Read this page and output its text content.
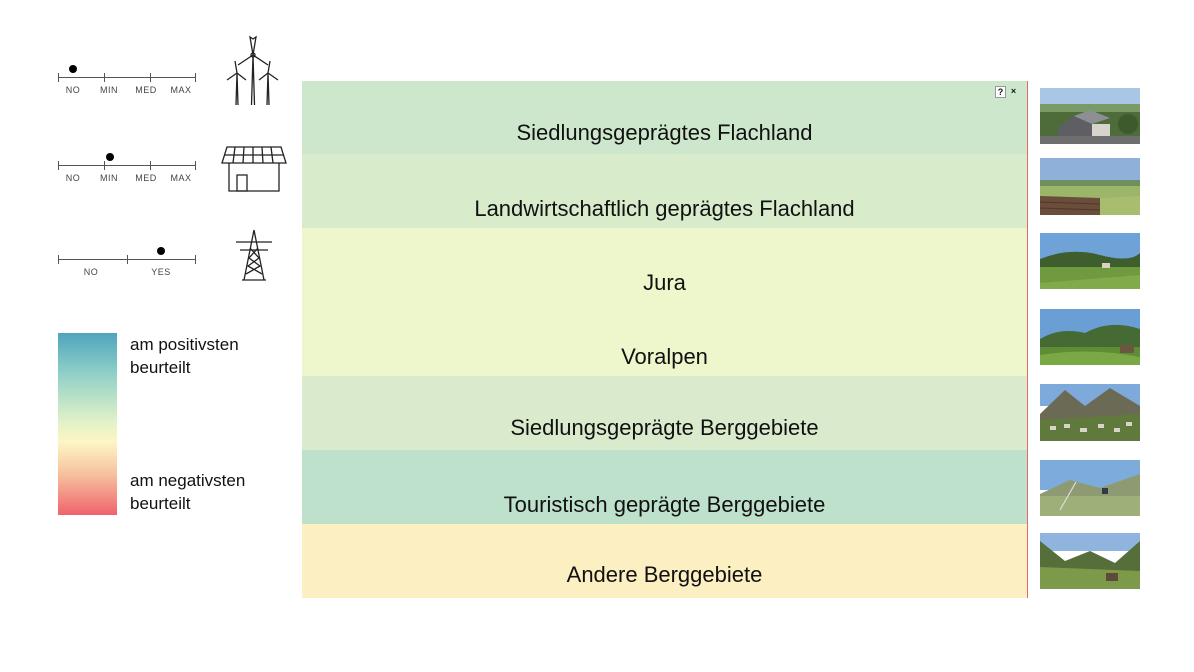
NO MIN MED MAX
NO MIN MED MAX
NO	YES
am positivsten beurteilt
am negativsten beurteilt
Siedlungsgeprägtes Flachland
Landwirtschaftlich geprägtes Flachland
Jura
Voralpen
Siedlungsgeprägte Berggebiete
Touristisch geprägte Berggebiete
Andere Berggebiete
? ×
